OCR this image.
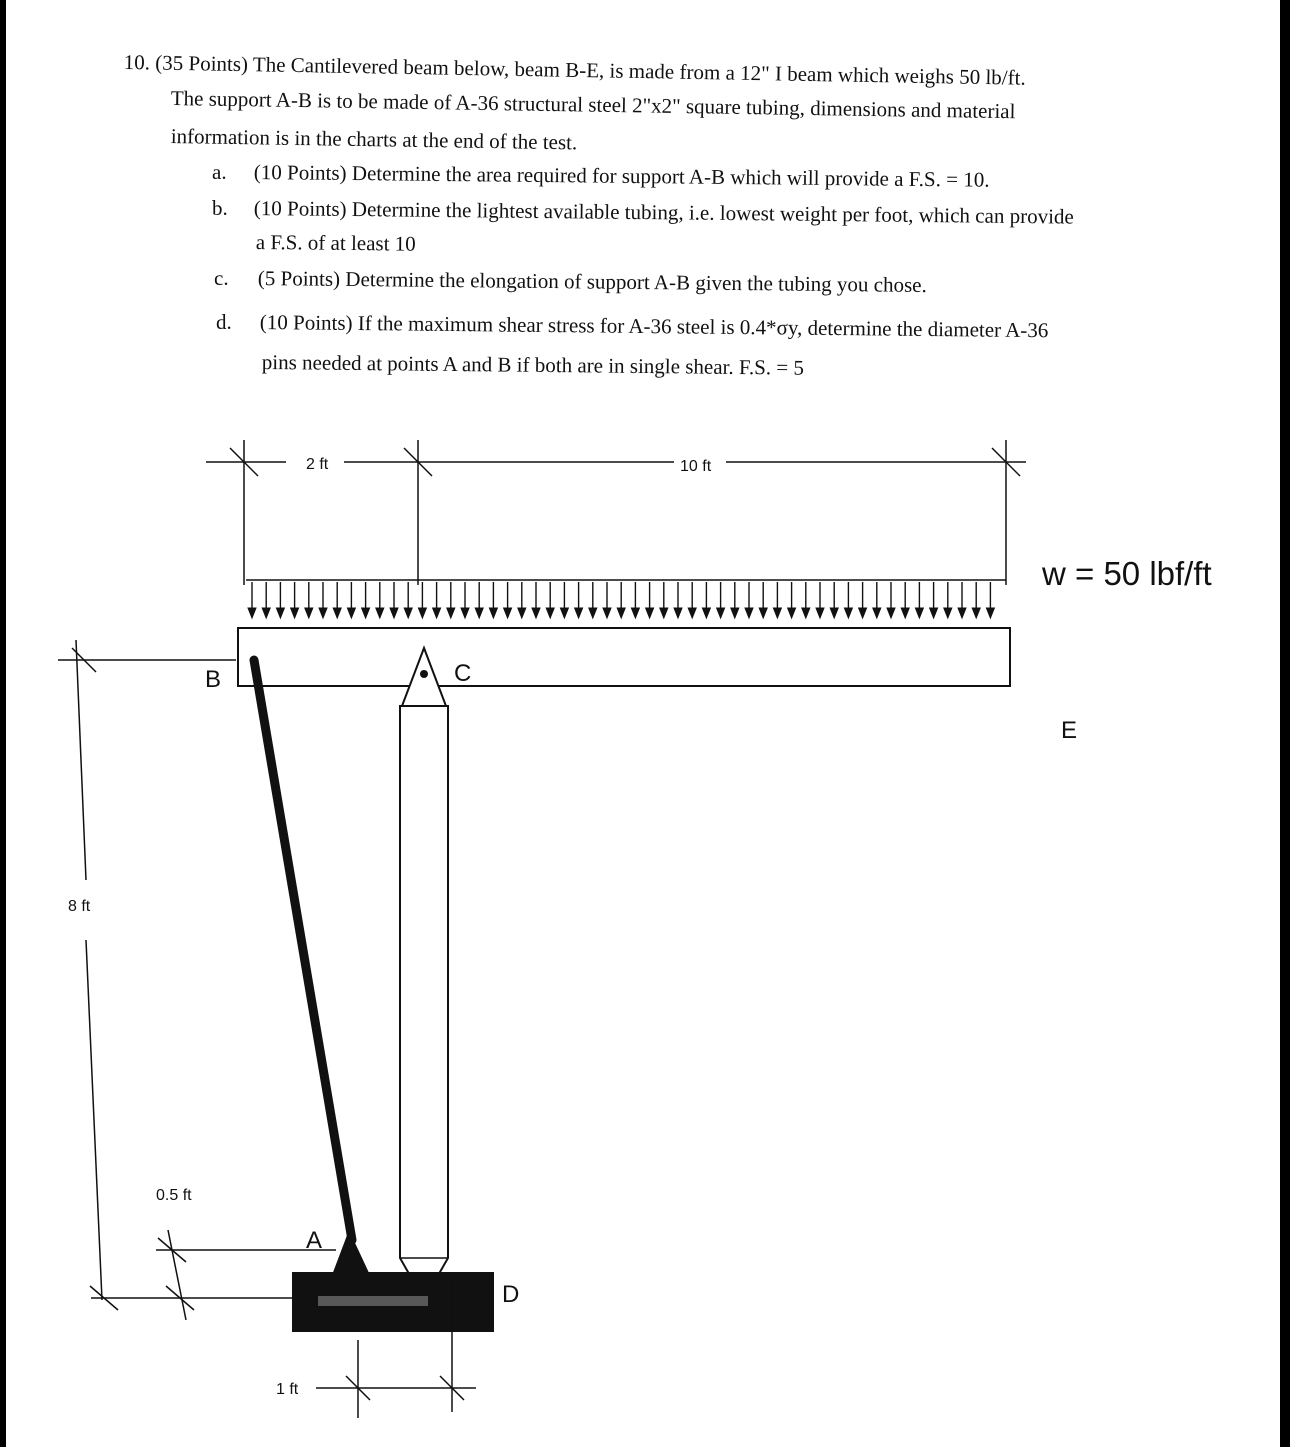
10. (35 Points) The Cantilevered beam below, beam B-E, is made from a 12" I beam which weighs 50 lb/ft.
The support A-B is to be made of A-36 structural steel 2"x2" square tubing, dimensions and material
information is in the charts at the end of the test.
a. (10 Points) Determine the area required for support A-B which will provide a F.S. = 10.
b. (10 Points) Determine the lightest available tubing, i.e. lowest weight per foot, which can provide
a F.S. of at least 10
c. (5 Points) Determine the elongation of support A-B given the tubing you chose.
d. (10 Points) If the maximum shear stress for A-36 steel is 0.4*σy, determine the diameter A-36
pins needed at points A and B if both are in single shear. F.S. = 5
2 ft	10 ft
w = 50 lbf/ft
B	C
E
A
D
8 ft
0.5 ft
1 ft
